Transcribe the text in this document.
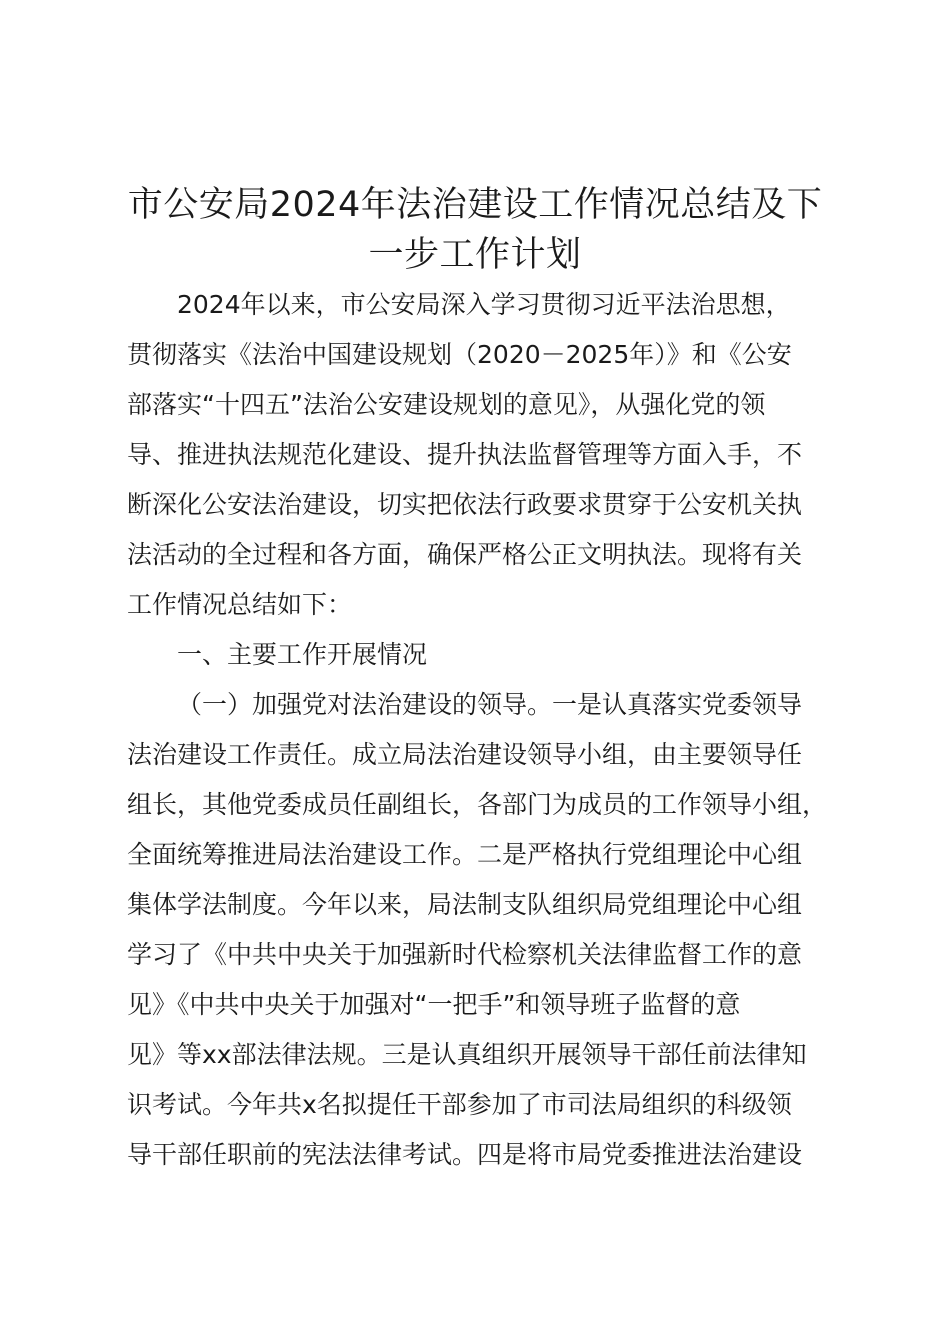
市公安局2024年法治建设工作情况总结及下
一步工作计划
2024年以来，市公安局深入学习贯彻习近平法治思想，
贯彻落实《法治中国建设规划（2020－2025年）》和《公安
部落实“十四五”法治公安建设规划的意见》，从强化党的领
导、推进执法规范化建设、提升执法监督管理等方面入手，不
断深化公安法治建设，切实把依法行政要求贯穿于公安机关执
法活动的全过程和各方面，确保严格公正文明执法。现将有关
工作情况总结如下：
一、主要工作开展情况
（一）加强党对法治建设的领导。一是认真落实党委领导
法治建设工作责任。成立局法治建设领导小组，由主要领导任
组长，其他党委成员任副组长，各部门为成员的工作领导小组，
全面统筹推进局法治建设工作。二是严格执行党组理论中心组
集体学法制度。今年以来，局法制支队组织局党组理论中心组
学习了《中共中央关于加强新时代检察机关法律监督工作的意
见》《中共中央关于加强对“一把手”和领导班子监督的意
见》等xx部法律法规。三是认真组织开展领导干部任前法律知
识考试。今年共x名拟提任干部参加了市司法局组织的科级领
导干部任职前的宪法法律考试。四是将市局党委推进法治建设
